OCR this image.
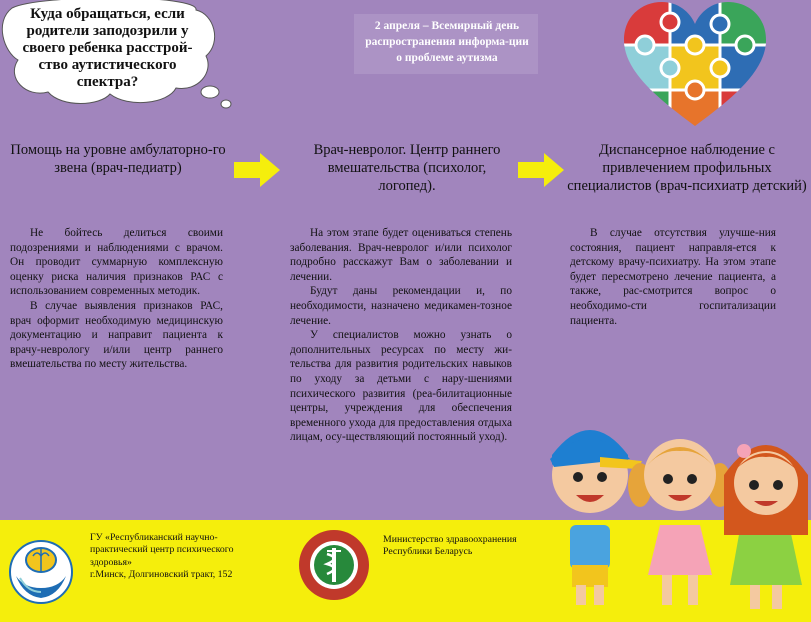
Куда обращаться, если родители заподозрили у своего ребенка расстрой-ство аутистического спектра?
2 апреля – Всемирный день распространения информа-ции о проблеме аутизма
Помощь на уровне амбулаторно-го звена (врач-педиатр)
Врач-невролог. Центр раннего вмешательства (психолог, логопед).
Диспансерное наблюдение с привлечением профильных специалистов (врач-психиатр детский)

Не бойтесь делиться своими подозрениями и наблюдениями с врачом. Он проводит суммарную комплексную оценку риска наличия признаков РАС с использованием современных методик.

В случае выявления признаков РАС, врач оформит необходимую медицинскую документацию и направит пациента к врачу-неврологу и/или центр раннего вмешательства по месту жительства.

На этом этапе будет оцениваться степень заболевания. Врач-невролог и/или психолог подробно расскажут Вам о заболевании и лечении.

Будут даны рекомендации и, по необходимости, назначено медикамен-тозное лечение.

У специалистов можно узнать о дополнительных ресурсах по месту жи-тельства для развития родительских навыков по уходу за детьми с нару-шениями психического развития (реа-билитационные центры, учреждения для обеспечения временного ухода для предоставления отдыха лицам, осу-ществляющий постоянный уход).

В случае отсутствия улучше-ния состояния, пациент направля-ется к детскому врачу-психиатру. На этом этапе будет пересмотрено лечение пациента, а также, рас-смотрится вопрос о необходимо-сти госпитализации пациента.

ГУ «Республиканский научно-практический центр психического здоровья»
г.Минск, Долгиновский тракт, 152
Министерство здравоохранения Республики Беларусь
